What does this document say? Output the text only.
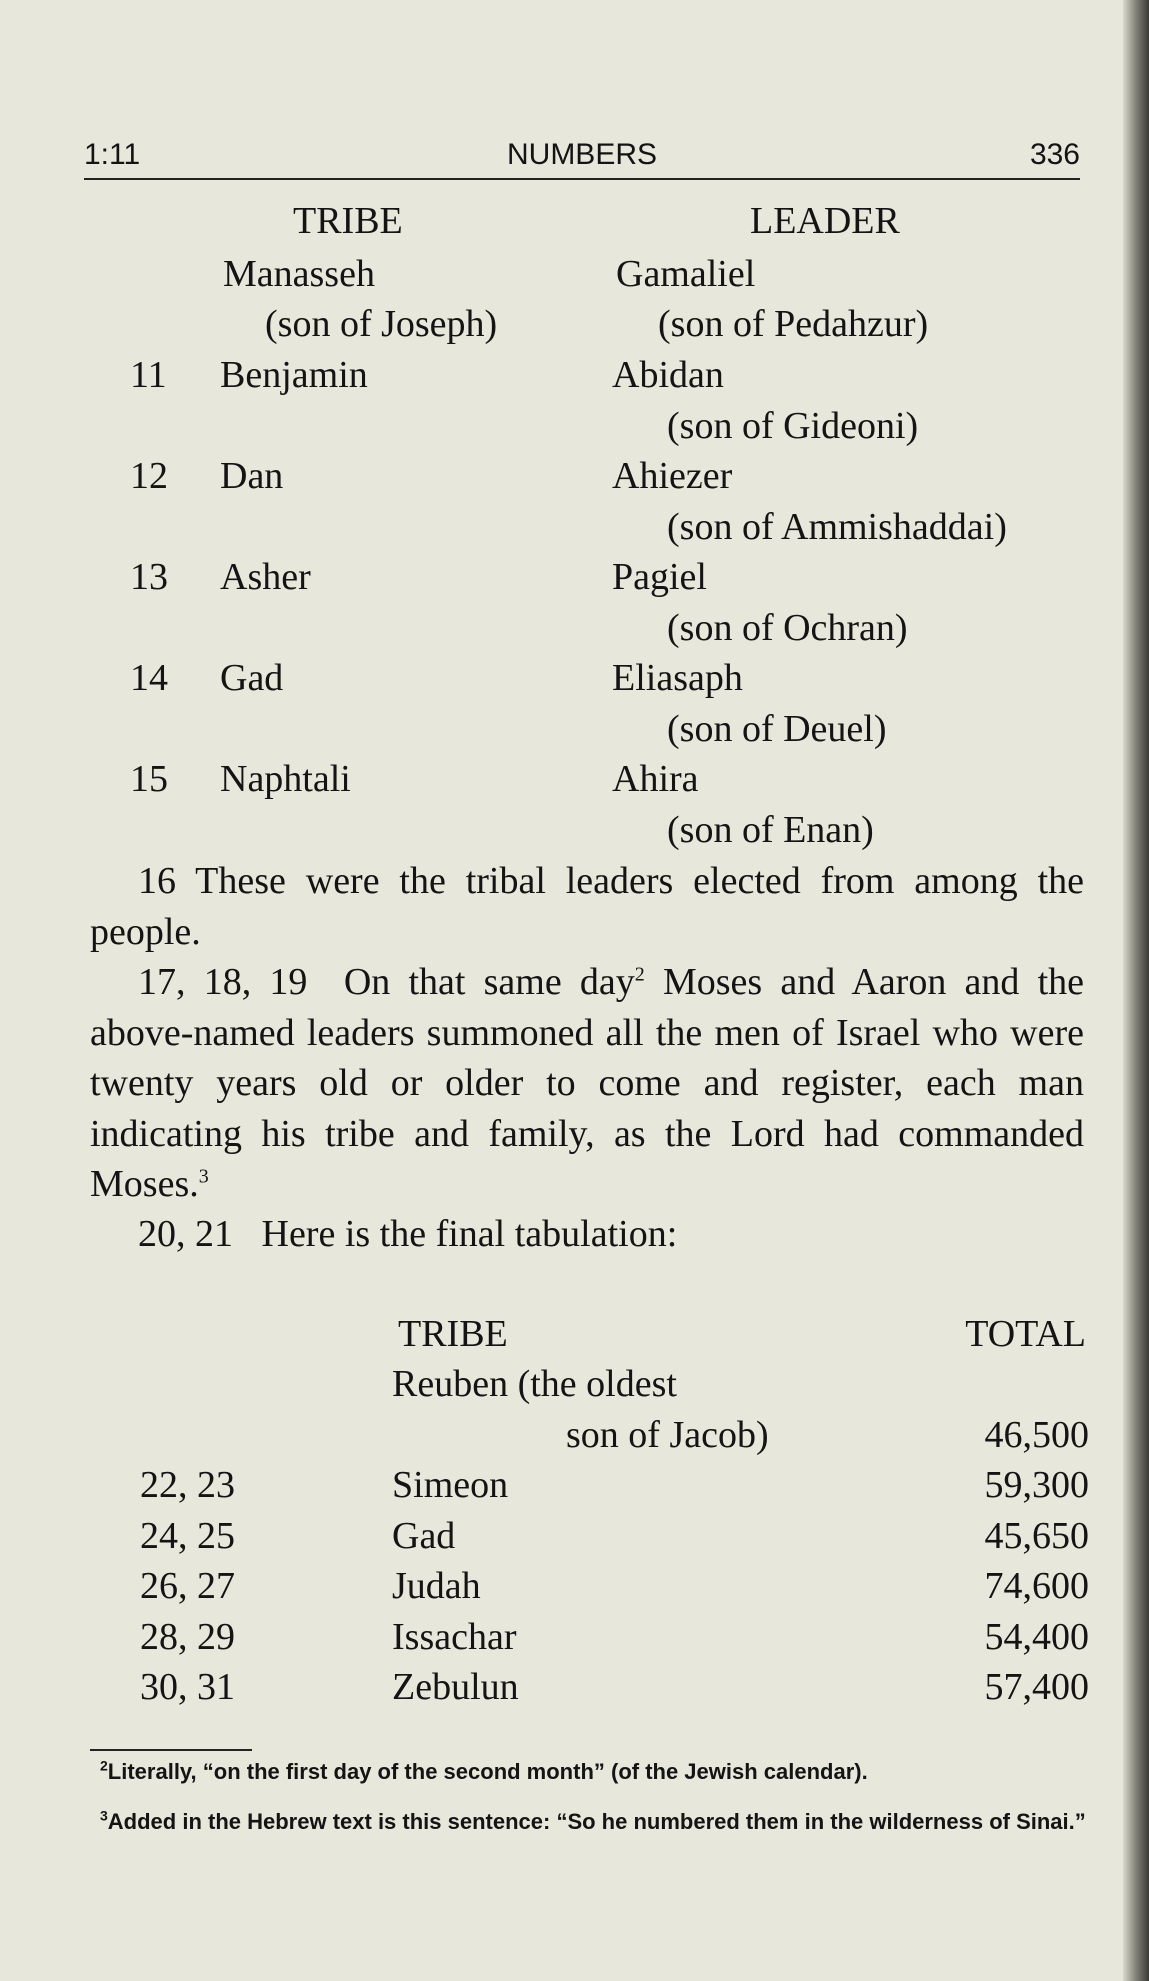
1:11	NUMBERS	336
TRIBE	LEADER
Manasseh	Gamaliel
(son of Joseph)	(son of Pedahzur)
11 Benjamin	Abidan
(son of Gideoni)
12 Dan	Ahiezer
(son of Ammishaddai)
13 Asher	Pagiel
(son of Ochran)
14 Gad	Eliasaph
(son of Deuel)
15 Naphtali	Ahira
(son of Enan)
16 These were the tribal leaders elected from among the people.
17, 18, 19 On that same day$^2$ Moses and Aaron and the above-named leaders summoned all the men of Israel who were twenty years old or older to come and register, each man indicating his tribe and family, as the Lord had commanded Moses.$^3$
20, 21 Here is the final tabulation:
TRIBE	TOTAL
Reuben (the oldest
son of Jacob)	46,500
22, 23	Simeon	59,300
24, 25	Gad	45,650
26, 27	Judah	74,600
28, 29	Issachar	54,400
30, 31	Zebulun	57,400
$^2$Literally, “on the first day of the second month” (of the Jewish calendar).
$^3$Added in the Hebrew text is this sentence: “So he numbered them in the wilderness of Sinai.”
